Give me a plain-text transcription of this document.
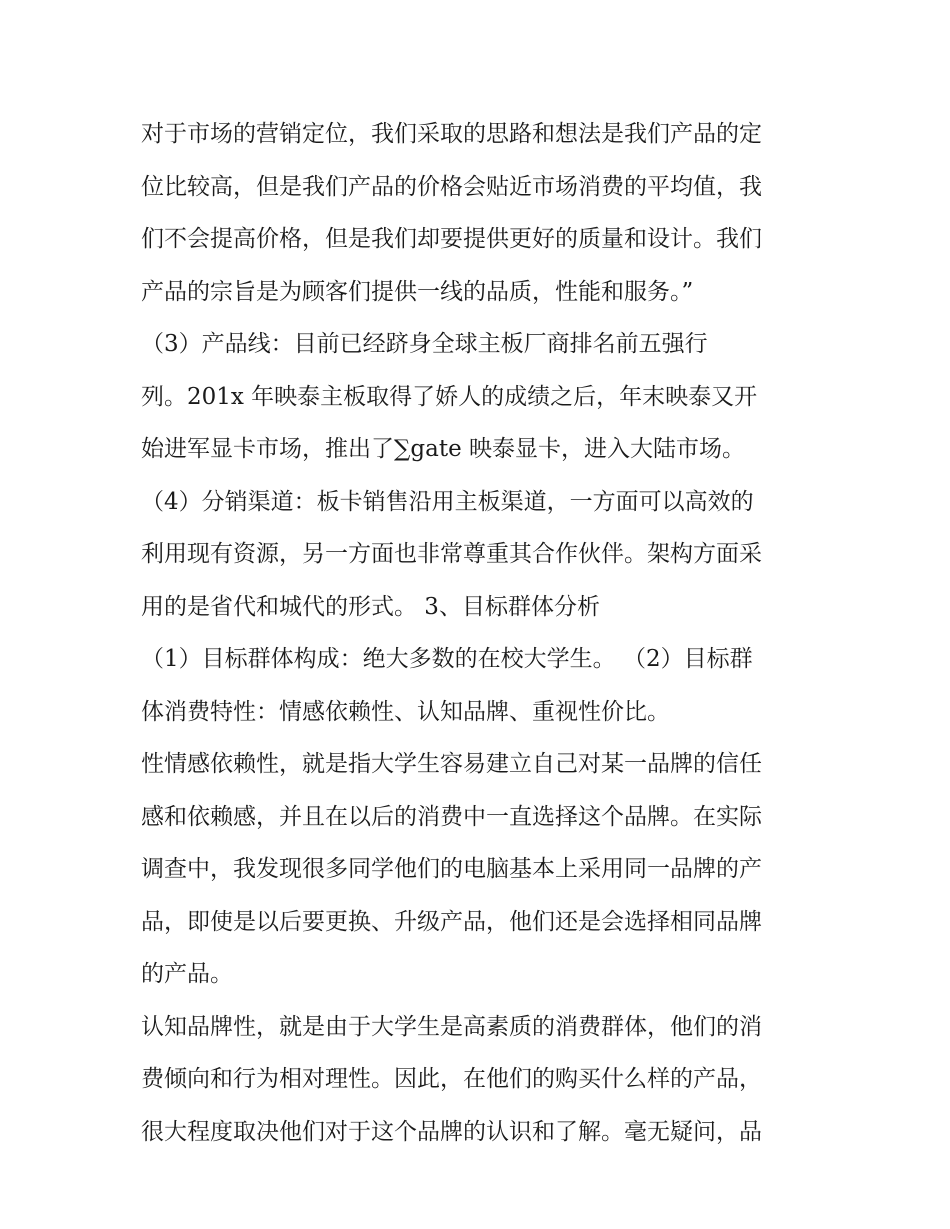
对于市场的营销定位，我们采取的思路和想法是我们产品的定
位比较高，但是我们产品的价格会贴近市场消费的平均值，我
们不会提高价格，但是我们却要提供更好的质量和设计。我们
产品的宗旨是为顾客们提供一线的品质，性能和服务。”
（3）产品线：目前已经跻身全球主板厂商排名前五强行
列。201x 年映泰主板取得了娇人的成绩之后，年末映泰又开
始进军显卡市场，推出了∑gate 映泰显卡，进入大陆市场。
（4）分销渠道：板卡销售沿用主板渠道，一方面可以高效的
利用现有资源，另一方面也非常尊重其合作伙伴。架构方面采
用的是省代和城代的形式。 3、目标群体分析
（1）目标群体构成：绝大多数的在校大学生。 （2）目标群
体消费特性：情感依赖性、认知品牌、重视性价比。
性情感依赖性，就是指大学生容易建立自己对某一品牌的信任
感和依赖感，并且在以后的消费中一直选择这个品牌。在实际
调查中，我发现很多同学他们的电脑基本上采用同一品牌的产
品，即使是以后要更换、升级产品，他们还是会选择相同品牌
的产品。
认知品牌性，就是由于大学生是高素质的消费群体，他们的消
费倾向和行为相对理性。因此，在他们的购买什么样的产品，
很大程度取决他们对于这个品牌的认识和了解。毫无疑问，品
